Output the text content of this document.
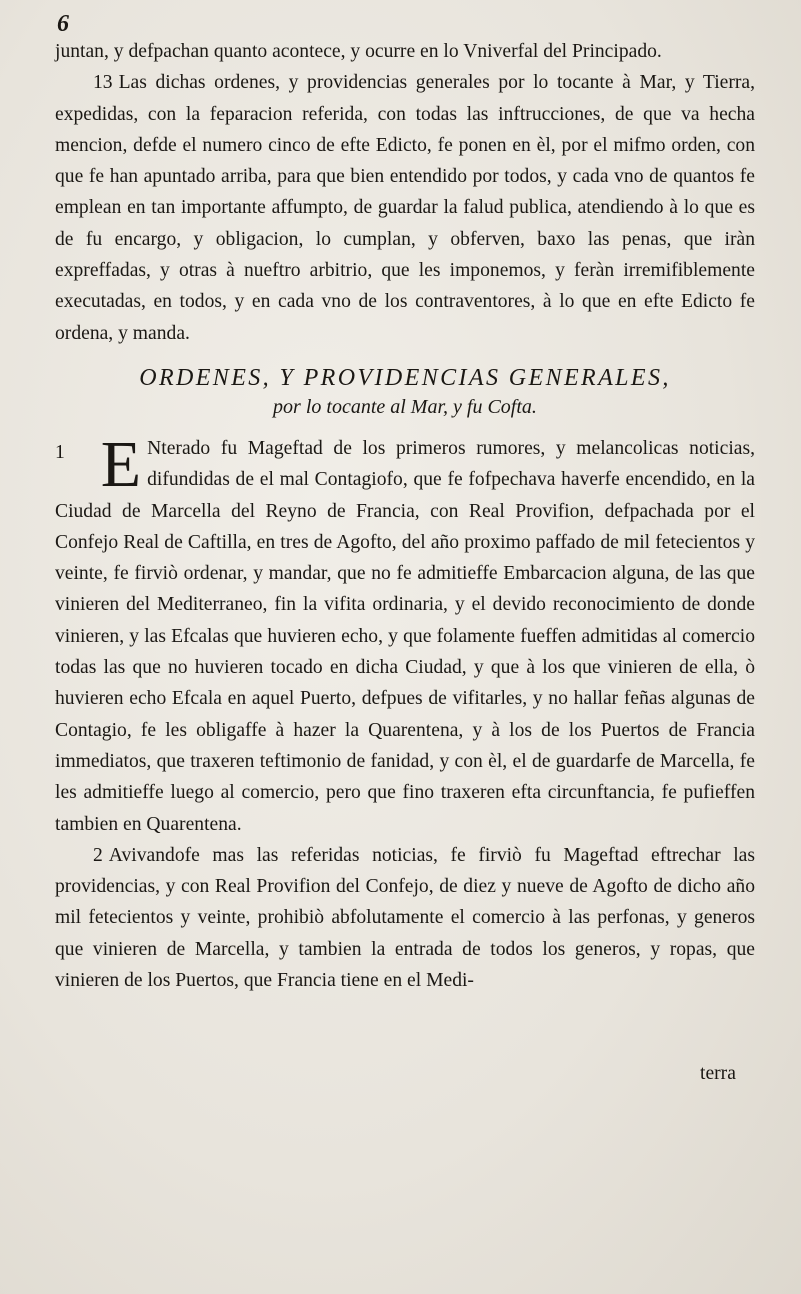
6

juntan, y defpachan quanto acontece, y ocurre en lo Vniverfal del Principado.

13 Las dichas ordenes, y providencias generales por lo tocante à Mar, y Tierra, expedidas, con la feparacion referida, con todas las inftrucciones, de que va hecha mencion, defde el numero cinco de efte Edicto, fe ponen en èl, por el mifmo orden, con que fe han apuntado arriba, para que bien entendido por todos, y cada vno de quantos fe emplean en tan importante affumpto, de guardar la falud publica, atendiendo à lo que es de fu encargo, y obligacion, lo cumplan, y obferven, baxo las penas, que iràn expreffadas, y otras à nueftro arbitrio, que les imponemos, y feràn irremifiblemente executadas, en todos, y en cada vno de los contraventores, à lo que en efte Edicto fe ordena, y manda.

ORDENES, Y PROVIDENCIAS GENERALES,
por lo tocante al Mar, y fu Cofta.

1 E Nterado fu Mageftad de los primeros rumores, y melancolicas noticias, difundidas de el mal Contagiofo, que fe fofpechava haverfe encendido, en la Ciudad de Marcella del Reyno de Francia, con Real Provifion, defpachada por el Confejo Real de Caftilla, en tres de Agofto, del año proximo paffado de mil fetecientos y veinte, fe firviò ordenar, y mandar, que no fe admitieffe Embarcacion alguna, de las que vinieren del Mediterraneo, fin la vifita ordinaria, y el devido reconocimiento de donde vinieren, y las Efcalas que huvieren echo, y que folamente fueffen admitidas al comercio todas las que no huvieren tocado en dicha Ciudad, y que à los que vinieren de ella, ò huvieren echo Efcala en aquel Puerto, defpues de vifitarles, y no hallar feñas algunas de Contagio, fe les obligaffe à hazer la Quarentena, y à los de los Puertos de Francia immediatos, que traxeren teftimonio de fanidad, y con èl, el de guardarfe de Marcella, fe les admitieffe luego al comercio, pero que fino traxeren efta circunftancia, fe pufieffen tambien en Quarentena.

2 Avivandofe mas las referidas noticias, fe firviò fu Mageftad eftrechar las providencias, y con Real Provifion del Confejo, de diez y nueve de Agofto de dicho año mil fetecientos y veinte, prohibiò abfolutamente el comercio à las perfonas, y generos que vinieren de Marcella, y tambien la entrada de todos los generos, y ropas, que vinieren de los Puertos, que Francia tiene en el Medi-

terra
